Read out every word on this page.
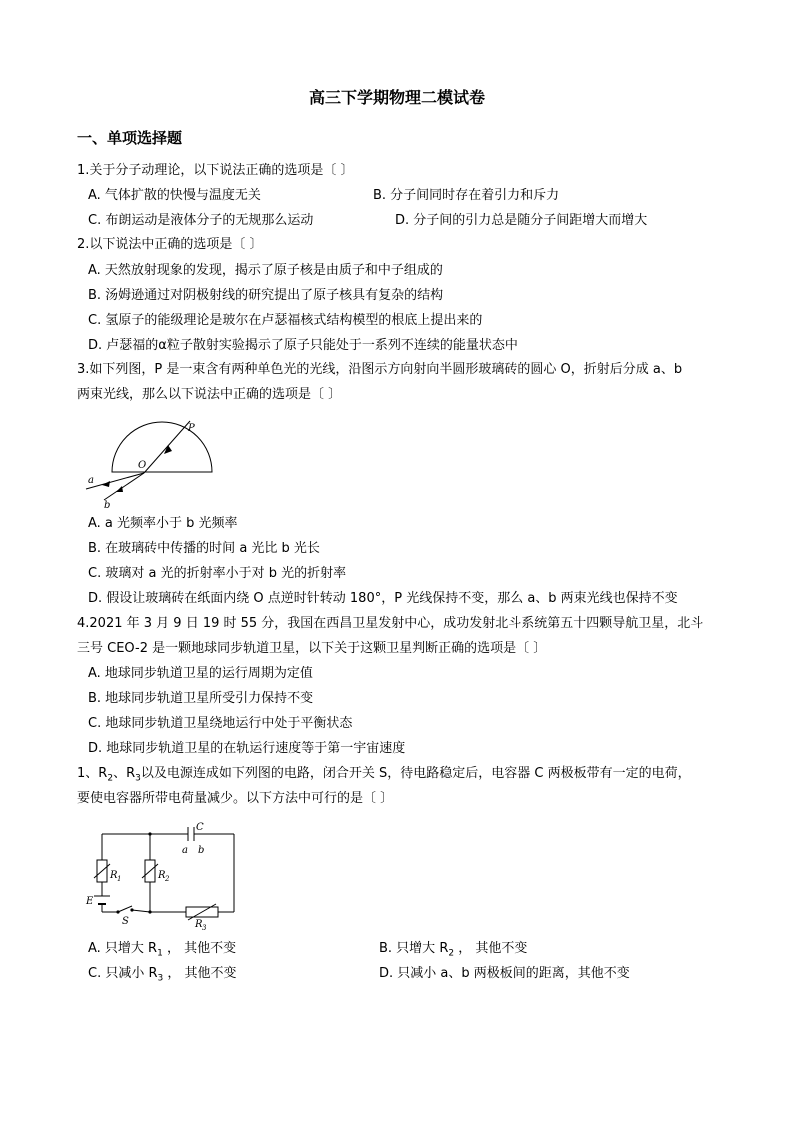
高三下学期物理二模试卷
一、单项选择题
1.关于分子动理论，以下说法正确的选项是〔 〕
A. 气体扩散的快慢与温度无关	B. 分子间同时存在着引力和斥力
C. 布朗运动是液体分子的无规那么运动	D. 分子间的引力总是随分子间距增大而增大
2.以下说法中正确的选项是〔 〕
A. 天然放射现象的发现，揭示了原子核是由质子和中子组成的
B. 汤姆逊通过对阴极射线的研究提出了原子核具有复杂的结构
C. 氢原子的能级理论是玻尔在卢瑟福核式结构模型的根底上提出来的
D. 卢瑟福的α粒子散射实验揭示了原子只能处于一系列不连续的能量状态中
3.如下列图，P 是一束含有两种单色光的光线，沿图示方向射向半圆形玻璃砖的圆心 O，折射后分成 a、b
两束光线，那么以下说法中正确的选项是〔 〕
P
O
a
b
A. a 光频率小于 b 光频率
B. 在玻璃砖中传播的时间 a 光比 b 光长
C. 玻璃对 a 光的折射率小于对 b 光的折射率
D. 假设让玻璃砖在纸面内绕 O 点逆时针转动 180°，P 光线保持不变，那么 a、b 两束光线也保持不变
4.2021 年 3 月 9 日 19 时 55 分，我国在西昌卫星发射中心，成功发射北斗系统第五十四颗导航卫星，北斗
三号 CEO-2 是一颗地球同步轨道卫星，以下关于这颗卫星判断正确的选项是〔 〕
A. 地球同步轨道卫星的运行周期为定值
B. 地球同步轨道卫星所受引力保持不变
C. 地球同步轨道卫星绕地运行中处于平衡状态
D. 地球同步轨道卫星的在轨运行速度等于第一宇宙速度
1、$R_2$、$R_3$以及电源连成如下列图的电路，闭合开关 S，待电路稳定后，电容器 C 两极板带有一定的电荷，
要使电容器所带电荷量减少。以下方法中可行的是〔 〕
C
a b
R 1	R 2
R 3
E
S
A. 只增大 $R_1$ ， 其他不变	B. 只增大 $R_2$ ， 其他不变
C. 只减小 $R_3$ ， 其他不变	D. 只减小 a、b 两极板间的距离，其他不变
